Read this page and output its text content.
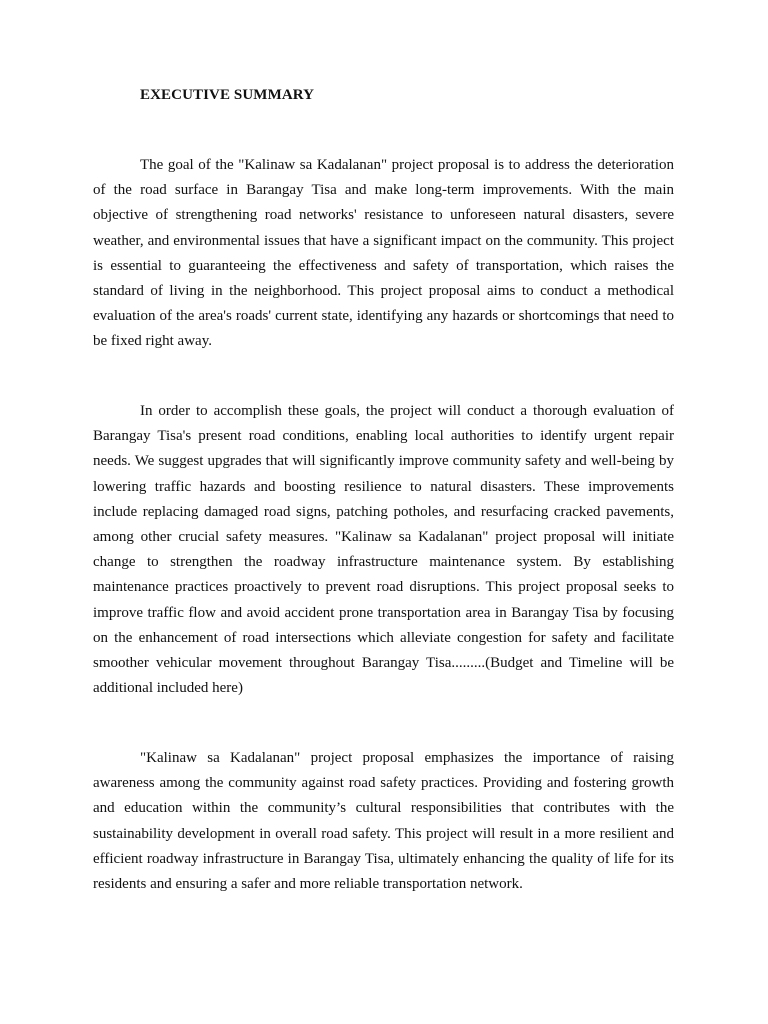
EXECUTIVE SUMMARY

The goal of the "Kalinaw sa Kadalanan" project proposal is to address the deterioration of the road surface in Barangay Tisa and make long-term improvements. With the main objective of strengthening road networks' resistance to unforeseen natural disasters, severe weather, and environmental issues that have a significant impact on the community. This project is essential to guaranteeing the effectiveness and safety of transportation, which raises the standard of living in the neighborhood. This project proposal aims to conduct a methodical evaluation of the area's roads' current state, identifying any hazards or shortcomings that need to be fixed right away.

In order to accomplish these goals, the project will conduct a thorough evaluation of Barangay Tisa's present road conditions, enabling local authorities to identify urgent repair needs. We suggest upgrades that will significantly improve community safety and well-being by lowering traffic hazards and boosting resilience to natural disasters. These improvements include replacing damaged road signs, patching potholes, and resurfacing cracked pavements, among other crucial safety measures. "Kalinaw sa Kadalanan" project proposal will initiate change to strengthen the roadway infrastructure maintenance system. By establishing maintenance practices proactively to prevent road disruptions. This project proposal seeks to improve traffic flow and avoid accident prone transportation area in Barangay Tisa by focusing on the enhancement of road intersections which alleviate congestion for safety and facilitate smoother vehicular movement throughout Barangay Tisa.........(Budget and Timeline will be additional included here)

"Kalinaw sa Kadalanan" project proposal emphasizes the importance of raising awareness among the community against road safety practices. Providing and fostering growth and education within the community’s cultural responsibilities that contributes with the sustainability development in overall road safety. This project will result in a more resilient and efficient roadway infrastructure in Barangay Tisa, ultimately enhancing the quality of life for its residents and ensuring a safer and more reliable transportation network.
